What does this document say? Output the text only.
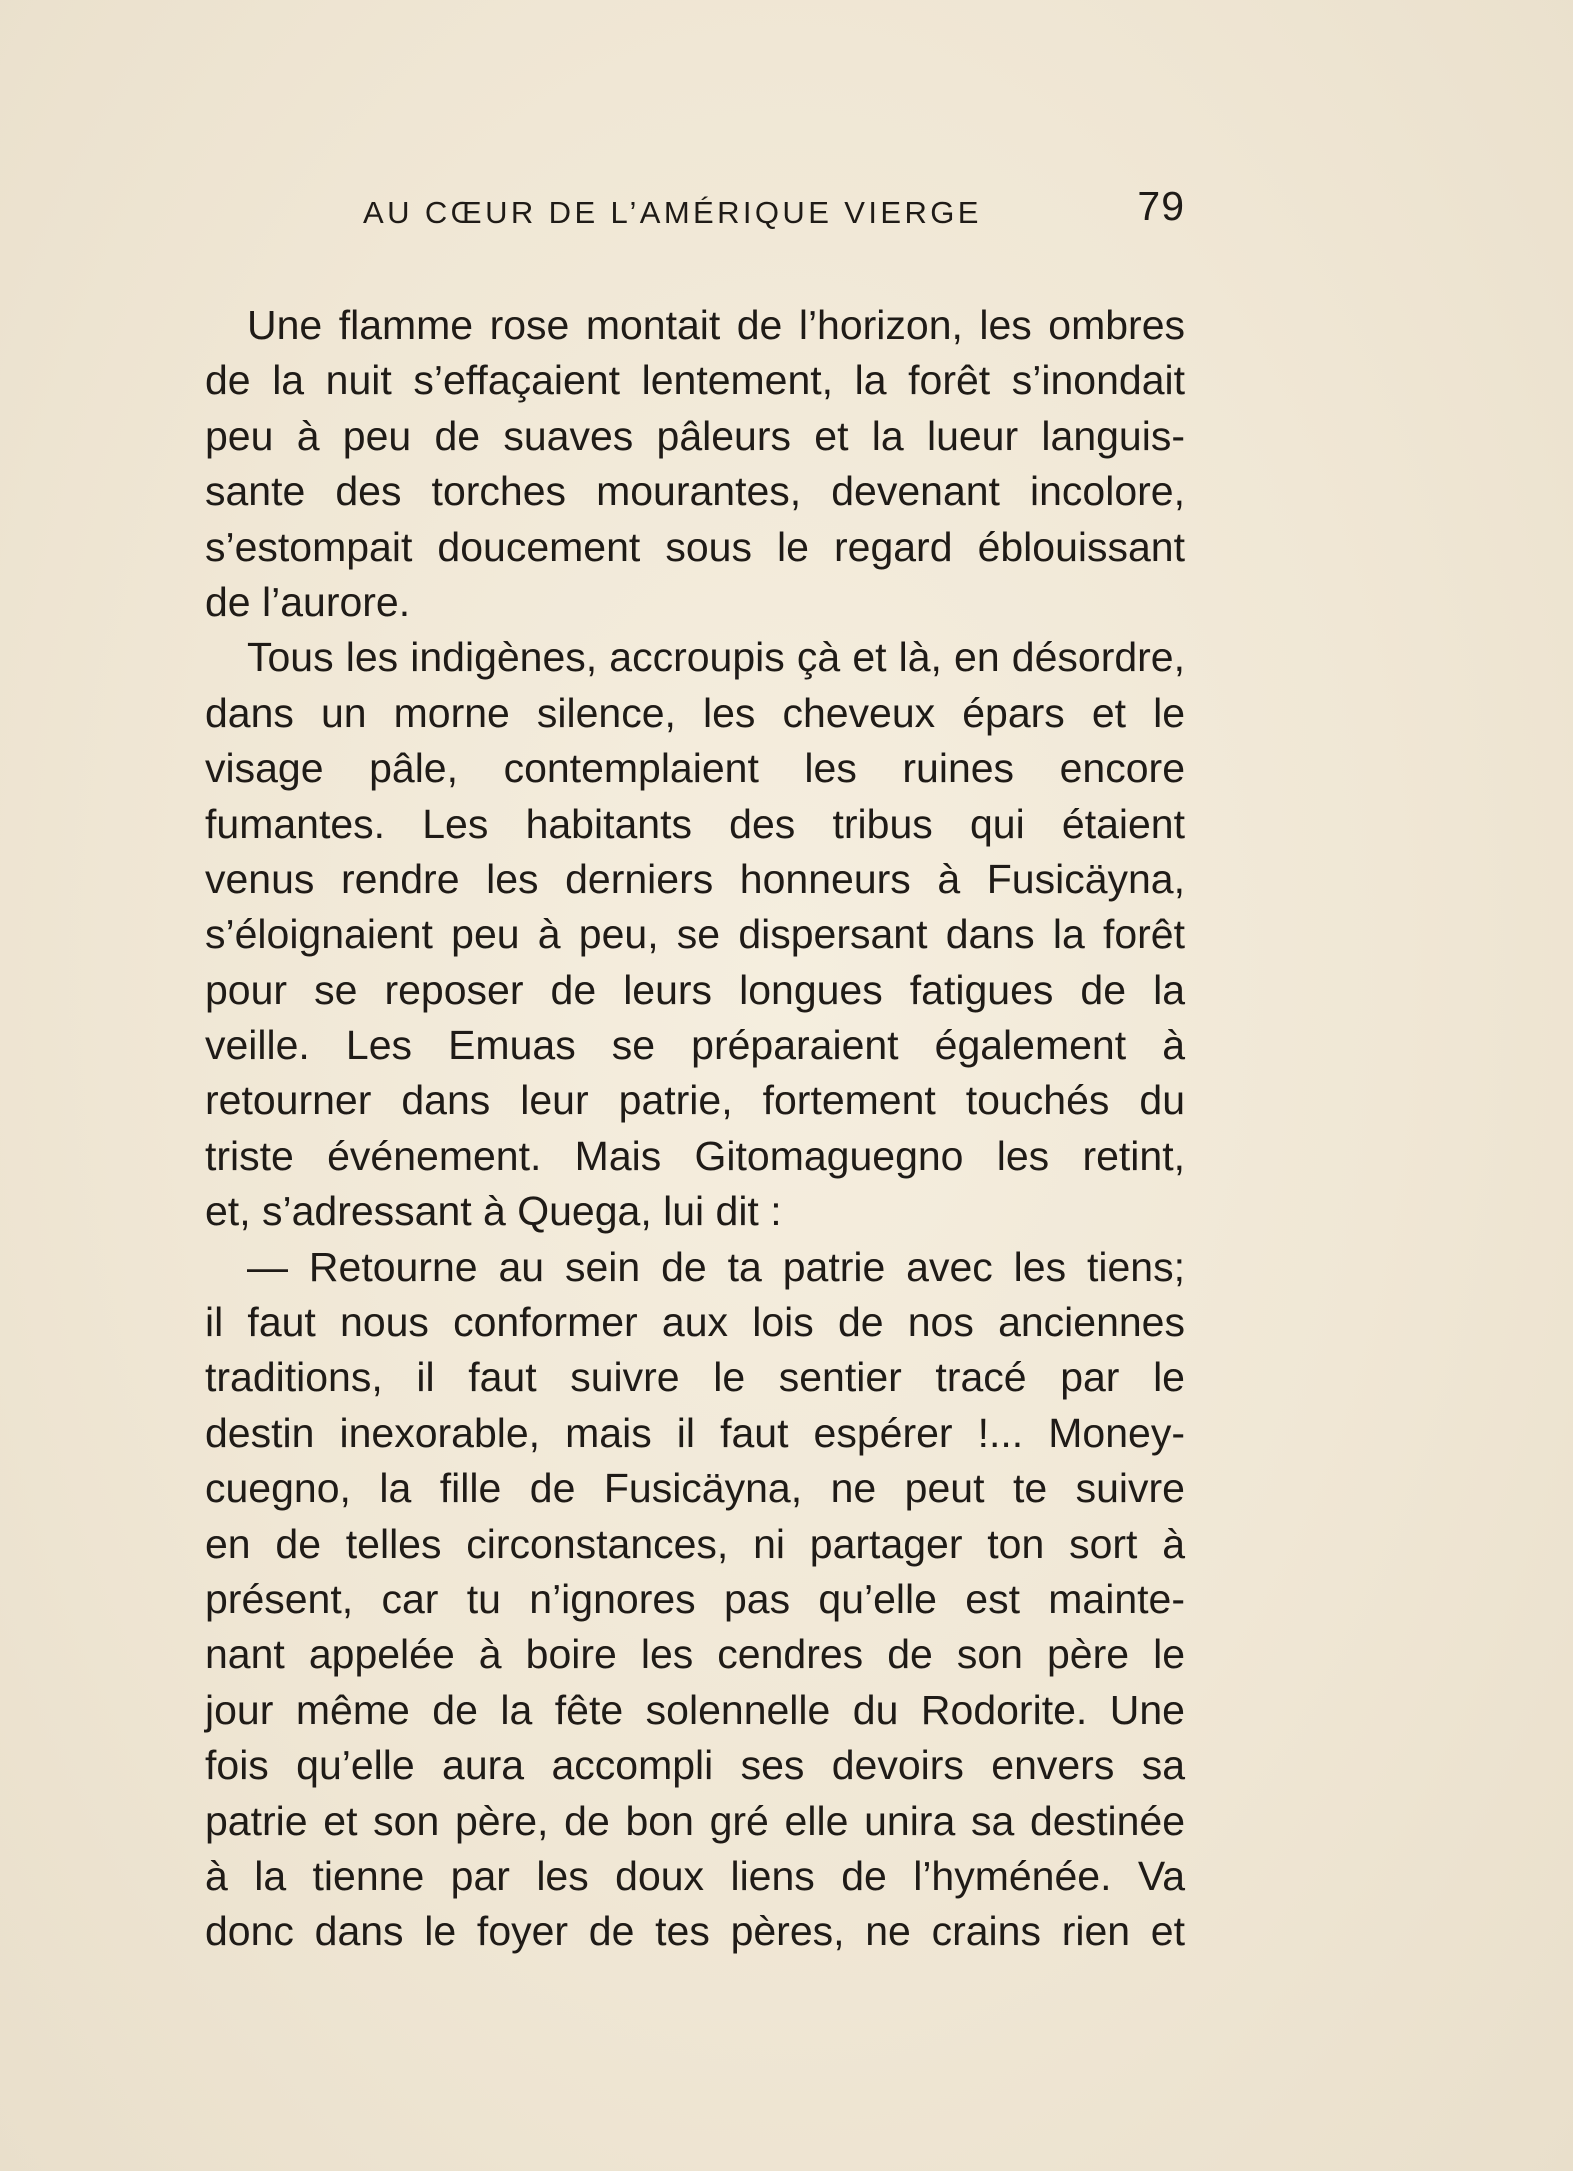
AU CŒUR DE L’AMÉRIQUE VIERGE	79
Une flamme rose montait de l’horizon, les ombres
de la nuit s’effaçaient lentement, la forêt s’inondait
peu à peu de suaves pâleurs et la lueur languis-
sante des torches mourantes, devenant incolore,
s’estompait doucement sous le regard éblouissant
de l’aurore.
Tous les indigènes, accroupis çà et là, en désordre,
dans un morne silence, les cheveux épars et le
visage pâle, contemplaient les ruines encore
fumantes. Les habitants des tribus qui étaient
venus rendre les derniers honneurs à Fusicäyna,
s’éloignaient peu à peu, se dispersant dans la forêt
pour se reposer de leurs longues fatigues de la
veille. Les Emuas se préparaient également à
retourner dans leur patrie, fortement touchés du
triste événement. Mais Gitomaguegno les retint,
et, s’adressant à Quega, lui dit :
— Retourne au sein de ta patrie avec les tiens;
il faut nous conformer aux lois de nos anciennes
traditions, il faut suivre le sentier tracé par le
destin inexorable, mais il faut espérer !... Money-
cuegno, la fille de Fusicäyna, ne peut te suivre
en de telles circonstances, ni partager ton sort à
présent, car tu n’ignores pas qu’elle est mainte-
nant appelée à boire les cendres de son père le
jour même de la fête solennelle du Rodorite. Une
fois qu’elle aura accompli ses devoirs envers sa
patrie et son père, de bon gré elle unira sa destinée
à la tienne par les doux liens de l’hyménée. Va
donc dans le foyer de tes pères, ne crains rien et
